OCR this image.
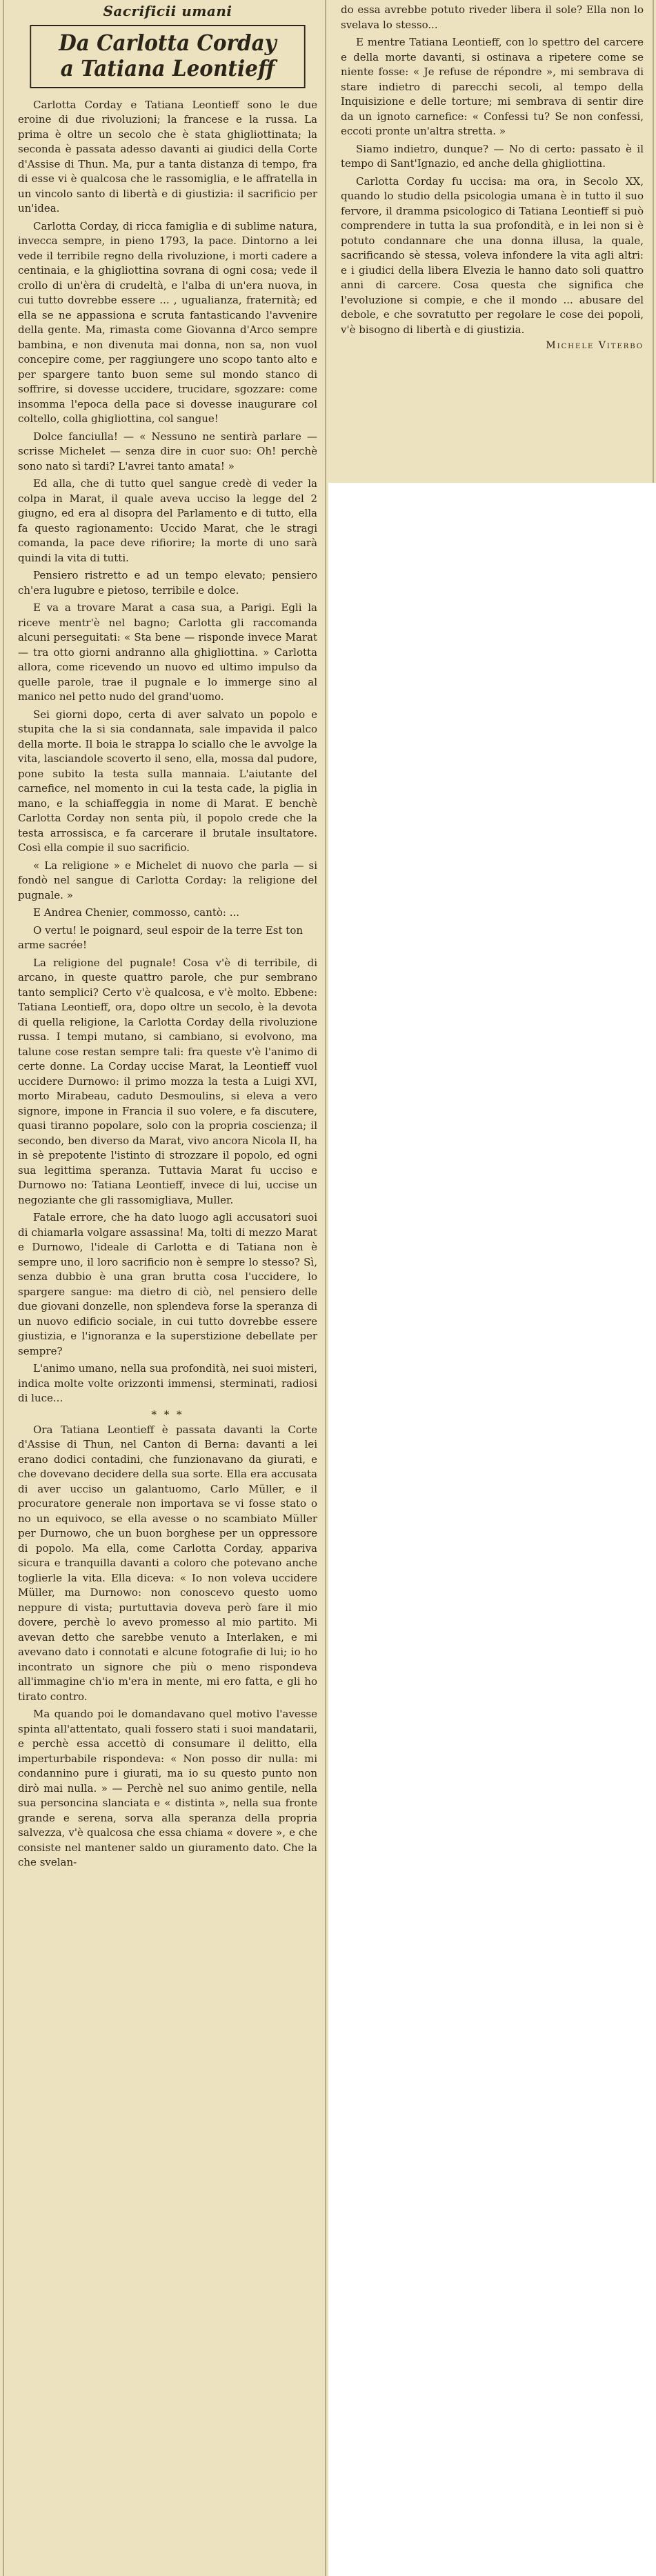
Sacrificii umani
Da Carlotta Corday
a Tatiana Leontieff

Carlotta Corday e Tatiana Leontieff sono le due eroine di due rivoluzioni; la francese e la russa. La prima è oltre un secolo che è stata ghigliottinata; la seconda è passata adesso davanti ai giudici della Corte d'Assise di Thun. Ma, pur a tanta distanza di tempo, fra di esse vi è qualcosa che le rassomiglia, e le affratella in un vincolo santo di libertà e di giustizia: il sacrificio per un'idea.

Carlotta Corday, di ricca famiglia e di sublime natura, invecca sempre, in pieno 1793, la pace. Dintorno a lei vede il terribile regno della rivoluzione, i morti cadere a centinaia, e la ghigliottina sovrana di ogni cosa; vede il crollo di un'èra di crudeltà, e l'alba di un'era nuova, in cui tutto dovrebbe essere ... , ugualianza, fraternità; ed ella se ne appassiona e scruta fantasticando l'avvenire della gente. Ma, rimasta come Giovanna d'Arco sempre bambina, e non divenuta mai donna, non sa, non vuol concepire come, per raggiungere uno scopo tanto alto e per spargere tanto buon seme sul mondo stanco di soffrire, si dovesse uccidere, trucidare, sgozzare: come insomma l'epoca della pace si dovesse inaugurare col coltello, colla ghigliottina, col sangue!

Dolce fanciulla! — « Nessuno ne sentirà parlare — scrisse Michelet — senza dire in cuor suo: Oh! perchè sono nato sì tardi? L'avrei tanto amata! »

Ed alla, che di tutto quel sangue credè di veder la colpa in Marat, il quale aveva ucciso la legge del 2 giugno, ed era al disopra del Parlamento e di tutto, ella fa questo ragionamento: Uccido Marat, che le stragi comanda, la pace deve rifiorire; la morte di uno sarà quindi la vita di tutti.

Pensiero ristretto e ad un tempo elevato; pensiero ch'era lugubre e pietoso, terribile e dolce.

E va a trovare Marat a casa sua, a Parigi. Egli la riceve mentr'è nel bagno; Carlotta gli raccomanda alcuni perseguitati: « Sta bene — risponde invece Marat — tra otto giorni andranno alla ghigliottina. » Carlotta allora, come ricevendo un nuovo ed ultimo impulso da quelle parole, trae il pugnale e lo immerge sino al manico nel petto nudo del grand'uomo.

Sei giorni dopo, certa di aver salvato un popolo e stupita che la si sia condannata, sale impavida il palco della morte. Il boia le strappa lo sciallo che le avvolge la vita, lasciandole scoverto il seno, ella, mossa dal pudore, pone subito la testa sulla mannaia. L'aiutante del carnefice, nel momento in cui la testa cade, la piglia in mano, e la schiaffeggia in nome di Marat. E benchè Carlotta Corday non senta più, il popolo crede che la testa arrossisca, e fa carcerare il brutale insultatore. Così ella compie il suo sacrificio.

« La religione » e Michelet di nuovo che parla — si fondò nel sangue di Carlotta Corday: la religione del pugnale. »

E Andrea Chenier, commosso, cantò: ...

O vertu! le poignard, seul espoir de la terre Est ton arme sacrée!

La religione del pugnale! Cosa v'è di terribile, di arcano, in queste quattro parole, che pur sembrano tanto semplici? Certo v'è qualcosa, e v'è molto. Ebbene: Tatiana Leontieff, ora, dopo oltre un secolo, è la devota di quella religione, la Carlotta Corday della rivoluzione russa. I tempi mutano, si cambiano, si evolvono, ma talune cose restan sempre tali: fra queste v'è l'animo di certe donne. La Corday uccise Marat, la Leontieff vuol uccidere Durnowo: il primo mozza la testa a Luigi XVI, morto Mirabeau, caduto Desmoulins, si eleva a vero signore, impone in Francia il suo volere, e fa discutere, quasi tiranno popolare, solo con la propria coscienza; il secondo, ben diverso da Marat, vivo ancora Nicola II, ha in sè prepotente l'istinto di strozzare il popolo, ed ogni sua legittima speranza. Tuttavia Marat fu ucciso e Durnowo no: Tatiana Leontieff, invece di lui, uccise un negoziante che gli rassomigliava, Muller.

Fatale errore, che ha dato luogo agli accusatori suoi di chiamarla volgare assassina! Ma, tolti di mezzo Marat e Durnowo, l'ideale di Carlotta e di Tatiana non è sempre uno, il loro sacrificio non è sempre lo stesso? Sì, senza dubbio è una gran brutta cosa l'uccidere, lo spargere sangue: ma dietro di ciò, nel pensiero delle due giovani donzelle, non splendeva forse la speranza di un nuovo edificio sociale, in cui tutto dovrebbe essere giustizia, e l'ignoranza e la superstizione debellate per sempre?

L'animo umano, nella sua profondità, nei suoi misteri, indica molte volte orizzonti immensi, sterminati, radiosi di luce...

* * *

Ora Tatiana Leontieff è passata davanti la Corte d'Assise di Thun, nel Canton di Berna: davanti a lei erano dodici contadini, che funzionavano da giurati, e che dovevano decidere della sua sorte. Ella era accusata di aver ucciso un galantuomo, Carlo Müller, e il procuratore generale non importava se vi fosse stato o no un equivoco, se ella avesse o no scambiato Müller per Durnowo, che un buon borghese per un oppressore di popolo. Ma ella, come Carlotta Corday, appariva sicura e tranquilla davanti a coloro che potevano anche toglierle la vita. Ella diceva: « Io non voleva uccidere Müller, ma Durnowo: non conoscevo questo uomo neppure di vista; purtuttavia doveva però fare il mio dovere, perchè lo avevo promesso al mio partito. Mi avevan detto che sarebbe venuto a Interlaken, e mi avevano dato i connotati e alcune fotografie di lui; io ho incontrato un signore che più o meno rispondeva all'immagine ch'io m'era in mente, mi ero fatta, e gli ho tirato contro.

Ma quando poi le domandavano quel motivo l'avesse spinta all'attentato, quali fossero stati i suoi mandatarii, e perchè essa accettò di consumare il delitto, ella imperturbabile rispondeva: « Non posso dir nulla: mi condannino pure i giurati, ma io su questo punto non dirò mai nulla. » — Perchè nel suo animo gentile, nella sua personcina slanciata e « distinta », nella sua fronte grande e serena, sorva alla speranza della propria salvezza, v'è qualcosa che essa chiama « dovere », e che consiste nel mantener saldo un giuramento dato. Che la che svelan-

do essa avrebbe potuto riveder libera il sole? Ella non lo svelava lo stesso...

E mentre Tatiana Leontieff, con lo spettro del carcere e della morte davanti, si ostinava a ripetere come se niente fosse: « Je refuse de répondre », mi sembrava di stare indietro di parecchi secoli, al tempo della Inquisizione e delle torture; mi sembrava di sentir dire da un ignoto carnefice: « Confessi tu? Se non confessi, eccoti pronte un'altra stretta. »

Siamo indietro, dunque? — No di certo: passato è il tempo di Sant'Ignazio, ed anche della ghigliottina.

Carlotta Corday fu uccisa: ma ora, in Secolo XX, quando lo studio della psicologia umana è in tutto il suo fervore, il dramma psicologico di Tatiana Leontieff si può comprendere in tutta la sua profondità, e in lei non si è potuto condannare che una donna illusa, la quale, sacrificando sè stessa, voleva infondere la vita agli altri: e i giudici della libera Elvezia le hanno dato soli quattro anni di carcere. Cosa questa che significa che l'evoluzione si compie, e che il mondo ... abusare del debole, e che sovratutto per regolare le cose dei popoli, v'è bisogno di libertà e di giustizia.

Michele Viterbo
